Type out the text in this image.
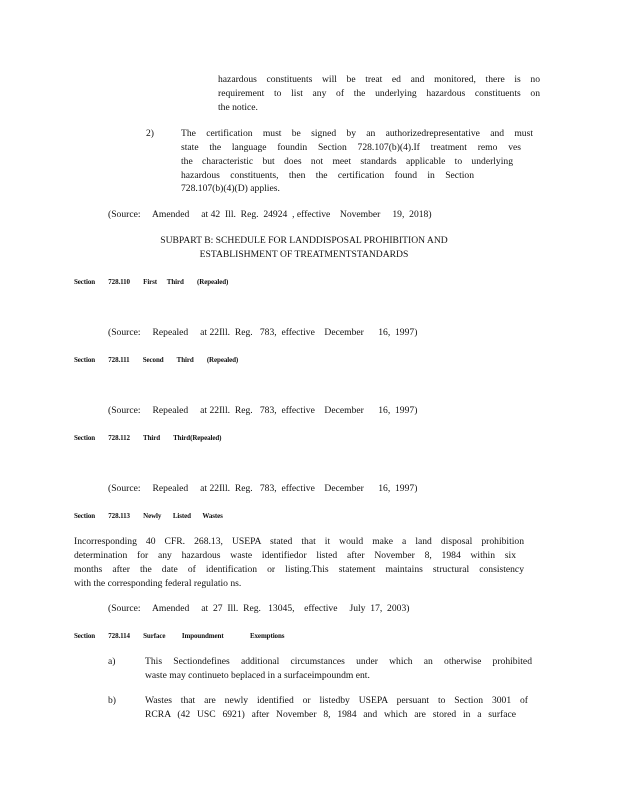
hazardous constituents will be treat ed and monitored, there is no
requirement to list any of the underlying hazardous constituents on
the notice.
2)	The certification must be signed by an authorizedrepresentative and must
state the language foundin Section 728.107(b)(4).If treatment remo ves
the characteristic but does not meet standards applicable to underlying
hazardous constituents, then the certification found in Section
728.107(b)(4)(D) applies.
(Source:     Amended     at 42  Ill.  Reg.  24924  , effective    November     19,  2018)
SUBPART B: SCHEDULE FOR LANDDISPOSAL PROHIBITION AND
ESTABLISHMENT OF TREATMENTSTANDARDS
Section        728.110        First      Third        (Repealed)
(Source:     Repealed     at 22Ill.  Reg.   783,  effective    December      16,  1997)
Section        728.111        Second        Third        (Repealed)
(Source:     Repealed     at 22Ill.  Reg.   783,  effective    December      16,  1997)
Section        728.112        Third        Third(Repealed)
(Source:     Repealed     at 22Ill.  Reg.   783,  effective    December      16,  1997)
Section        728.113        Newly       Listed       Wastes
Incorresponding 40 CFR. 268.13, USEPA stated that it would make a land disposal prohibition
determination for any hazardous waste identifiedor listed after November 8, 1984 within six
months after the date of identification or listing.This statement maintains structural consistency
with the corresponding federal regulatio ns.
(Source:     Amended     at  27  Ill.  Reg.   13045,    effective     July  17,  2003)
Section        728.114        Surface          Impoundment                Exemptions
a)	This Sectiondefines additional circumstances under which an otherwise prohibited
waste may continueto beplaced in a surfaceimpoundm ent.
b)	Wastes that are newly identified or listedby USEPA persuant to Section 3001 of
RCRA (42 USC 6921) after November 8, 1984 and which are stored in a surface
